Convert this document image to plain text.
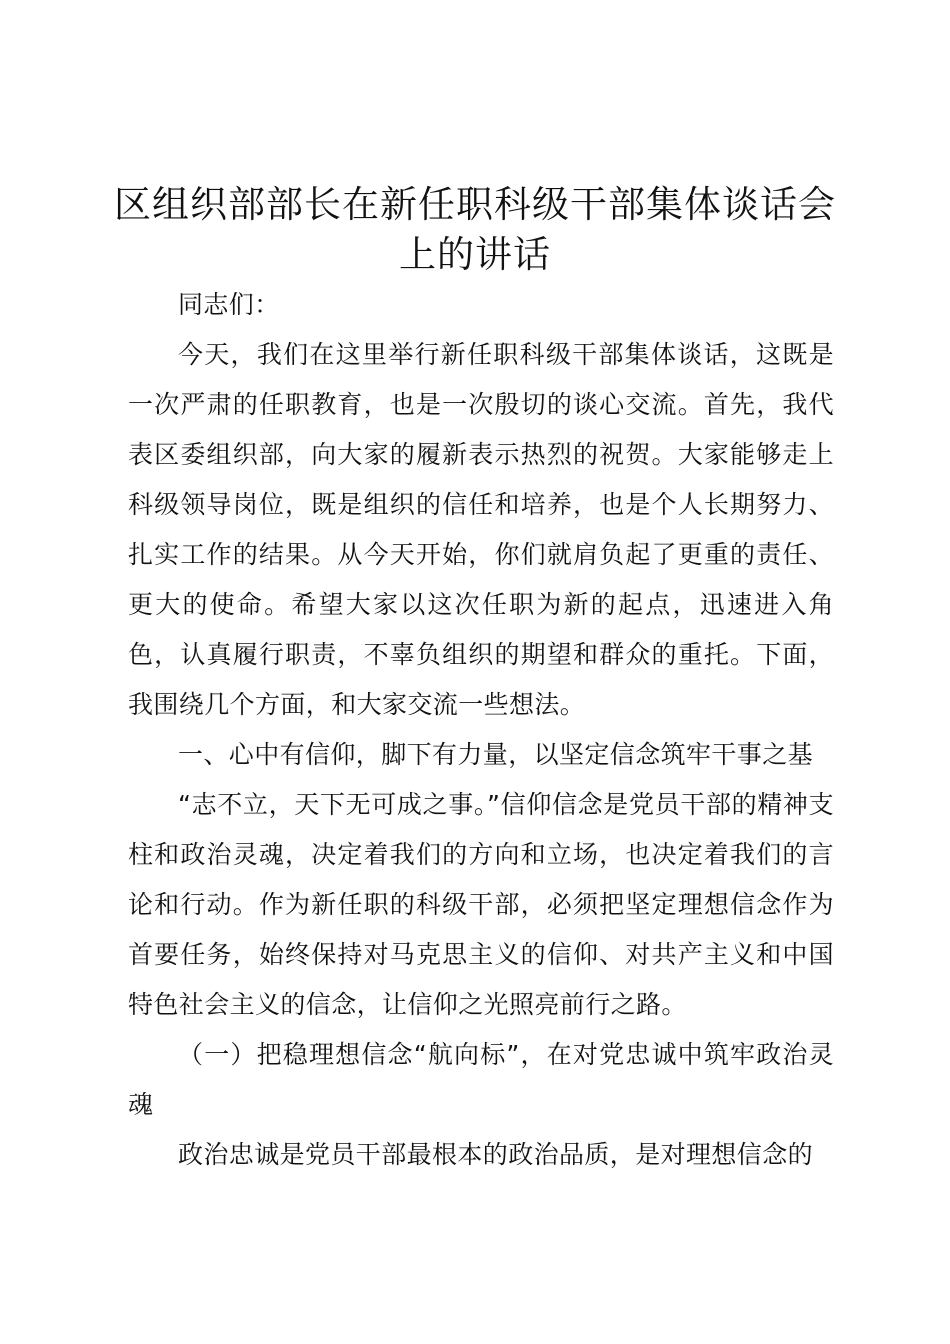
区组织部部长在新任职科级干部集体谈话会上的讲话

同志们：

今天，我们在这里举行新任职科级干部集体谈话，这既是一次严肃的任职教育，也是一次殷切的谈心交流。首先，我代表区委组织部，向大家的履新表示热烈的祝贺。大家能够走上科级领导岗位，既是组织的信任和培养，也是个人长期努力、扎实工作的结果。从今天开始，你们就肩负起了更重的责任、更大的使命。希望大家以这次任职为新的起点，迅速进入角色，认真履行职责，不辜负组织的期望和群众的重托。下面，我围绕几个方面，和大家交流一些想法。

一、心中有信仰，脚下有力量，以坚定信念筑牢干事之基

“志不立，天下无可成之事。”信仰信念是党员干部的精神支柱和政治灵魂，决定着我们的方向和立场，也决定着我们的言论和行动。作为新任职的科级干部，必须把坚定理想信念作为首要任务，始终保持对马克思主义的信仰、对共产主义和中国特色社会主义的信念，让信仰之光照亮前行之路。

（一）把稳理想信念“航向标”，在对党忠诚中筑牢政治灵魂

政治忠诚是党员干部最根本的政治品质，是对理想信念的
